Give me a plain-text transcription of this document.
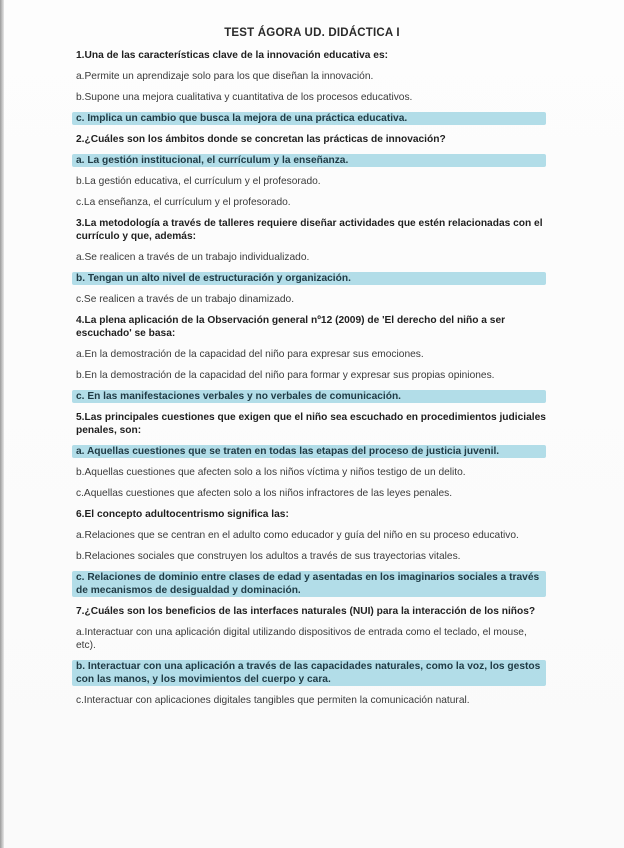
TEST ÁGORA UD. DIDÁCTICA I
1.Una de las características clave de la innovación educativa es:
a.Permite un aprendizaje solo para los que diseñan la innovación.
b.Supone una mejora cualitativa y cuantitativa de los procesos educativos.
c. Implica un cambio que busca la mejora de una práctica educativa.
2.¿Cuáles son los ámbitos donde se concretan las prácticas de innovación?
a. La gestión institucional, el currículum y la enseñanza.
b.La gestión educativa, el currículum y el profesorado.
c.La enseñanza, el currículum y el profesorado.
3.La metodología a través de talleres requiere diseñar actividades que estén relacionadas con el currículo y que, además:
a.Se realicen a través de un trabajo individualizado.
b. Tengan un alto nivel de estructuración y organización.
c.Se realicen a través de un trabajo dinamizado.
4.La plena aplicación de la Observación general nº12 (2009) de 'El derecho del niño a ser escuchado' se basa:
a.En la demostración de la capacidad del niño para expresar sus emociones.
b.En la demostración de la capacidad del niño para formar y expresar sus propias opiniones.
c. En las manifestaciones verbales y no verbales de comunicación.
5.Las principales cuestiones que exigen que el niño sea escuchado en procedimientos judiciales penales, son:
a. Aquellas cuestiones que se traten en todas las etapas del proceso de justicia juvenil.
b.Aquellas cuestiones que afecten solo a los niños víctima y niños testigo de un delito.
c.Aquellas cuestiones que afecten solo a los niños infractores de las leyes penales.
6.El concepto adultocentrismo significa las:
a.Relaciones que se centran en el adulto como educador y guía del niño en su proceso educativo.
b.Relaciones sociales que construyen los adultos a través de sus trayectorias vitales.
c. Relaciones de dominio entre clases de edad y asentadas en los imaginarios sociales a través de mecanismos de desigualdad y dominación.
7.¿Cuáles son los beneficios de las interfaces naturales (NUI) para la interacción de los niños?
a.Interactuar con una aplicación digital utilizando dispositivos de entrada como el teclado, el mouse, etc).
b. Interactuar con una aplicación a través de las capacidades naturales, como la voz, los gestos con las manos, y los movimientos del cuerpo y cara.
c.Interactuar con aplicaciones digitales tangibles que permiten la comunicación natural.
